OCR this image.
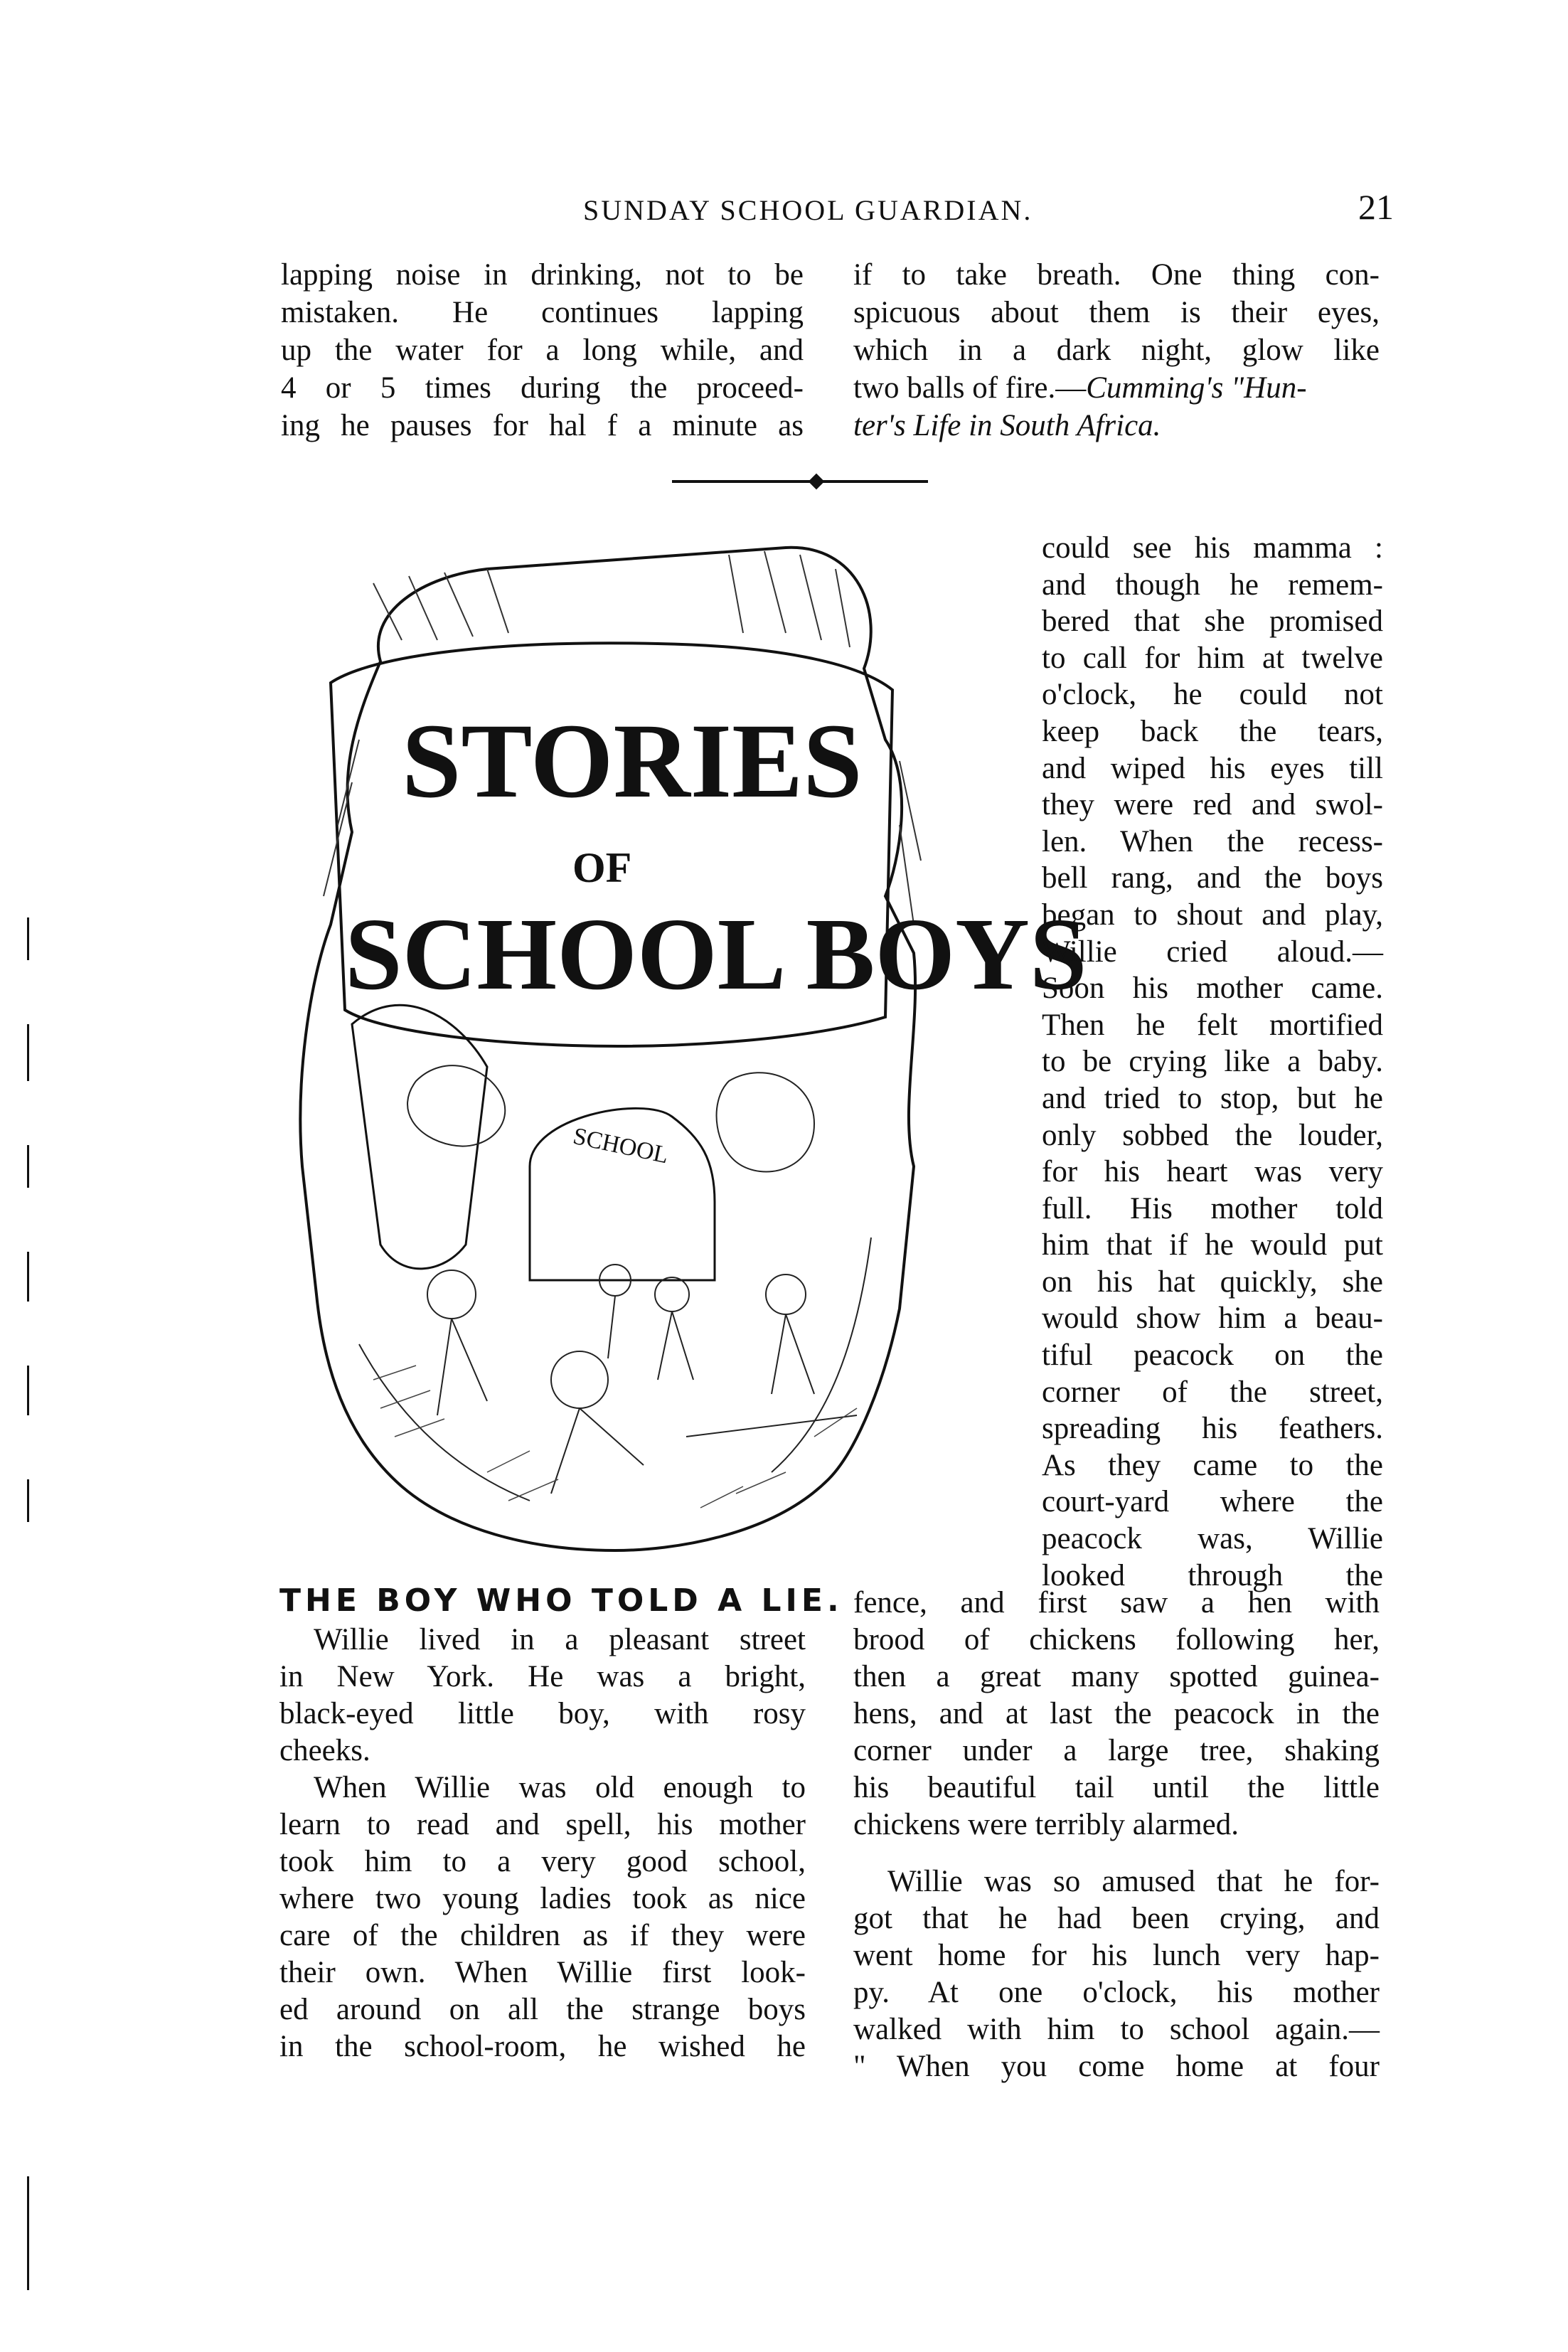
SUNDAY SCHOOL GUARDIAN.	21
lapping noise in drinking, not to be
mistaken. He continues lapping
up the water for a long while, and
4 or 5 times during the proceed-
ing he pauses for hal f a minute as
if to take breath. One thing con-
spicuous about them is their eyes,
which in a dark night, glow like
two balls of fire.—Cumming's "Hun-
ter's Life in South Africa.
STORIES
OF
SCHOOL BOYS
SCHOOL
could see his mamma :
and though he remem-
bered that she promised
to call for him at twelve
o'clock, he could not
keep back the tears,
and wiped his eyes till
they were red and swol-
len. When the recess-
bell rang, and the boys
began to shout and play,
Willie cried aloud.—
Soon his mother came.
Then he felt mortified
to be crying like a baby.
and tried to stop, but he
only sobbed the louder,
for his heart was very
full. His mother told
him that if he would put
on his hat quickly, she
would show him a beau-
tiful peacock on the
corner of the street,
spreading his feathers.
As they came to the
court-yard where the
peacock was, Willie
looked through the
THE BOY WHO TOLD A LIE.
Willie lived in a pleasant street
in New York. He was a bright,
black-eyed little boy, with rosy
cheeks.
When Willie was old enough to
learn to read and spell, his mother
took him to a very good school,
where two young ladies took as nice
care of the children as if they were
their own. When Willie first look-
ed around on all the strange boys
in the school-room, he wished he
fence, and first saw a hen with
brood of chickens following her,
then a great many spotted guinea-
hens, and at last the peacock in the
corner under a large tree, shaking
his beautiful tail until the little
chickens were terribly alarmed.
Willie was so amused that he for-
got that he had been crying, and
went home for his lunch very hap-
py. At one o'clock, his mother
walked with him to school again.—
" When you come home at four
